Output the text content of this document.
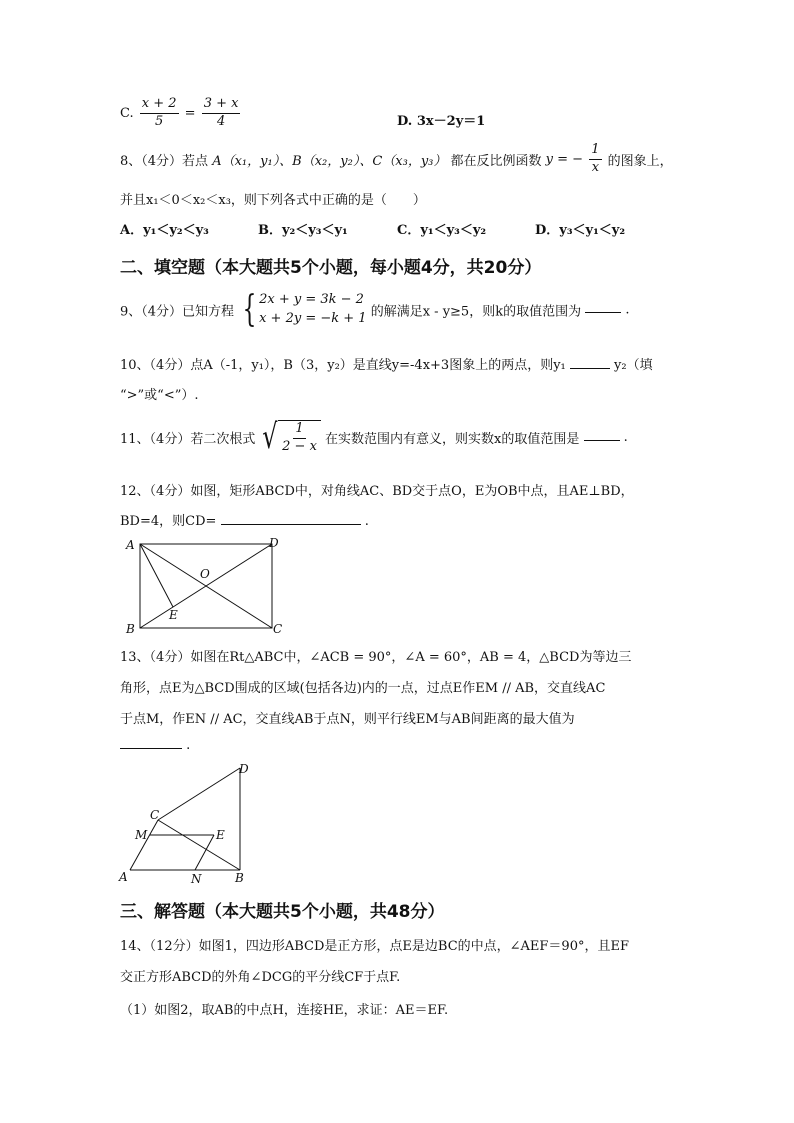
C. $\frac{x + 2}{5} = \frac{3 + x}{4}$	D. 3x－2y＝1
8、（4分）若点 A（x₁，y₁）、B（x₂，y₂）、C（x₃，y₃） 都在反比例函数 y = − $\frac{1}{x}$ 的图象上，
并且x₁＜0＜x₂＜x₃，则下列各式中正确的是（　　）
A．y₁＜y₂＜y₃	B．y₂＜y₃＜y₁	C．y₁＜y₃＜y₂	D．y₃＜y₁＜y₂
二、填空题（本大题共5个小题，每小题4分，共20分）
9、（4分）已知方程 { 2x + y = 3k − 2
x + 2y = −k + 1 的解满足x - y≥5，则k的取值范围为	.
10、（4分）点A（-1，y₁），B（3，y₂）是直线y=-4x+3图象上的两点，则y₁	y₂（填
“>”或“<”）.
11、（4分）若二次根式 √ $\frac{1}{2 - x}$ 在实数范围内有意义，则实数x的取值范围是	.
12、（4分）如图，矩形ABCD中，对角线AC、BD交于点O，E为OB中点，且AE⊥BD，
BD=4，则CD=	.
A
B	C
D
O
E
13、（4分）如图在Rt△ABC中，∠ACB = 90°，∠A = 60°，AB = 4，△BCD为等边三
角形，点E为△BCD围成的区域(包括各边)内的一点，过点E作EM // AB，交直线AC
于点M，作EN // AC，交直线AB于点N，则平行线EM与AB间距离的最大值为
.
A	B
C
D
M	E
N
三、解答题（本大题共5个小题，共48分）
14、（12分）如图1，四边形ABCD是正方形，点E是边BC的中点，∠AEF＝90°，且EF
交正方形ABCD的外角∠DCG的平分线CF于点F.
（1）如图2，取AB的中点H，连接HE，求证：AE＝EF.
